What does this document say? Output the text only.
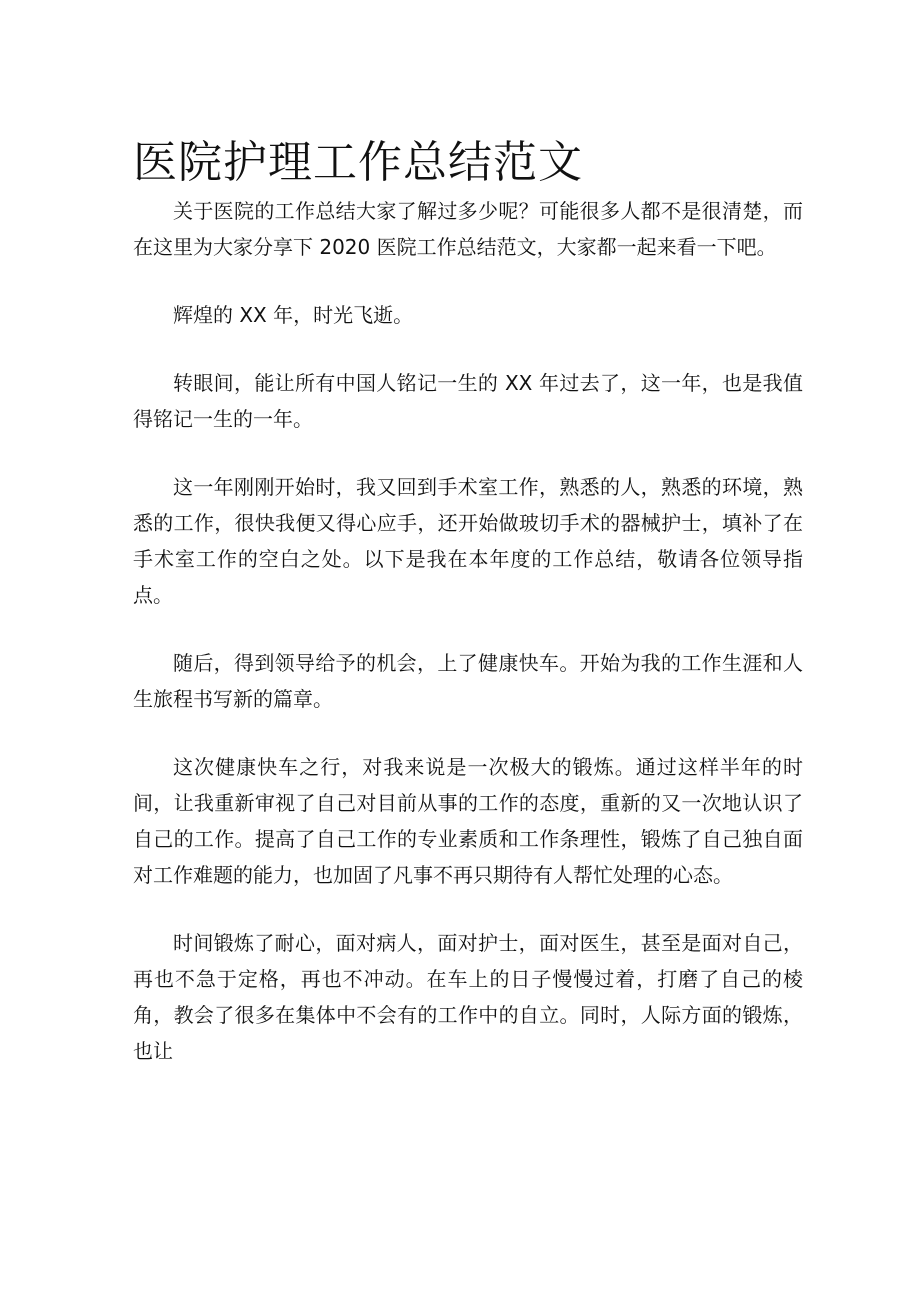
医院护理工作总结范文

关于医院的工作总结大家了解过多少呢？可能很多人都不是很清楚，而在这里为大家分享下 2020 医院工作总结范文，大家都一起来看一下吧。

辉煌的 XX 年，时光飞逝。

转眼间，能让所有中国人铭记一生的 XX 年过去了，这一年，也是我值得铭记一生的一年。

这一年刚刚开始时，我又回到手术室工作，熟悉的人，熟悉的环境，熟悉的工作，很快我便又得心应手，还开始做玻切手术的器械护士，填补了在手术室工作的空白之处。以下是我在本年度的工作总结，敬请各位领导指点。

随后，得到领导给予的机会，上了健康快车。开始为我的工作生涯和人生旅程书写新的篇章。

这次健康快车之行，对我来说是一次极大的锻炼。通过这样半年的时间，让我重新审视了自己对目前从事的工作的态度，重新的又一次地认识了自己的工作。提高了自己工作的专业素质和工作条理性，锻炼了自己独自面对工作难题的能力，也加固了凡事不再只期待有人帮忙处理的心态。

时间锻炼了耐心，面对病人，面对护士，面对医生，甚至是面对自己，再也不急于定格，再也不冲动。在车上的日子慢慢过着，打磨了自己的棱角，教会了很多在集体中不会有的工作中的自立。同时，人际方面的锻炼，也让
